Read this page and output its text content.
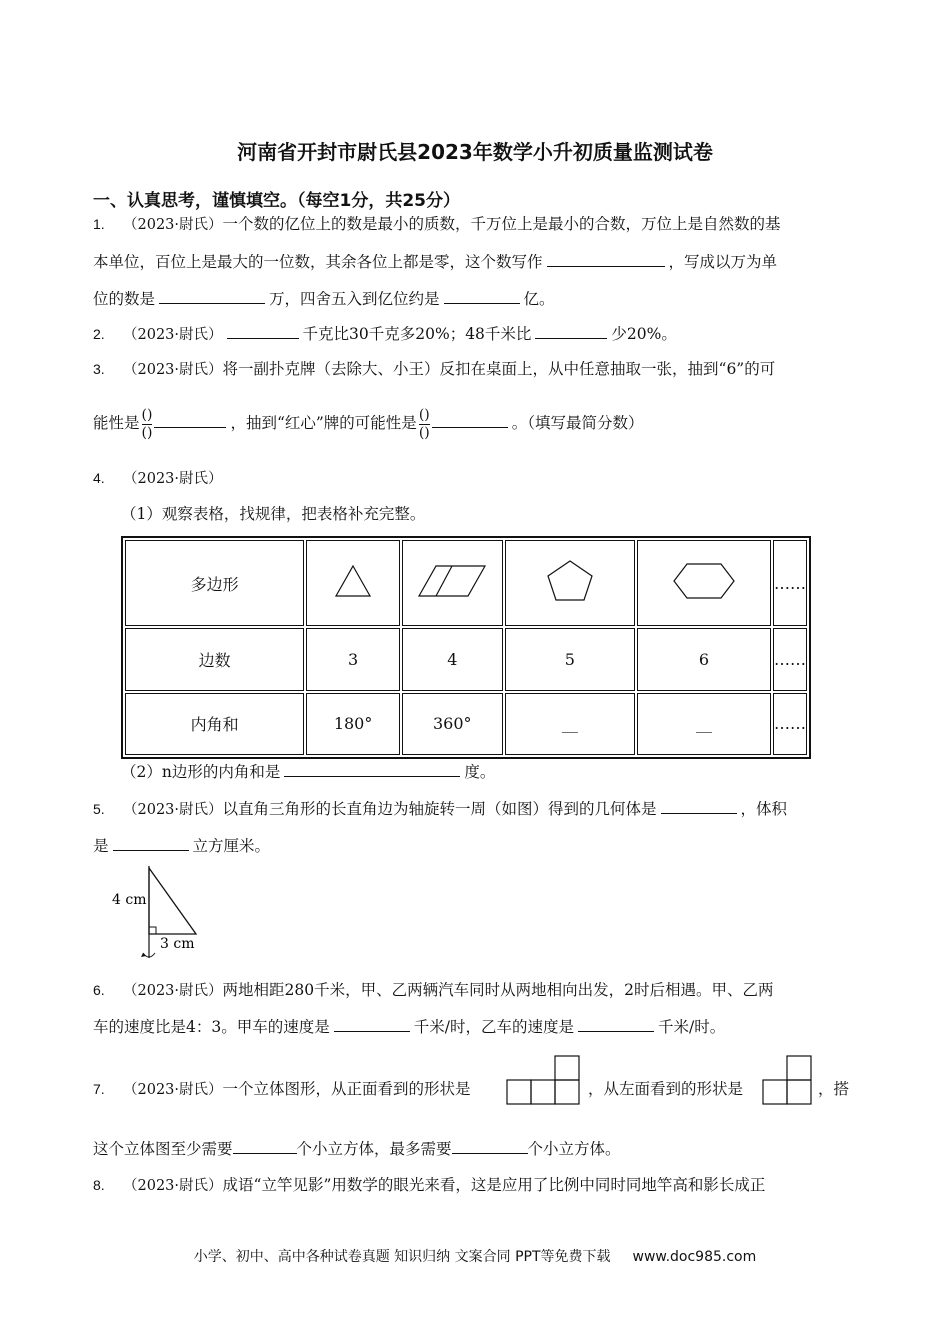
河南省开封市尉氏县2023年数学小升初质量监测试卷
一、认真思考，谨慎填空。（每空1分，共25分）
1. （2023·尉氏）一个数的亿位上的数是最小的质数，千万位上是最小的合数，万位上是自然数的基
本单位，百位上是最大的一位数，其余各位上都是零，这个数写作	，写成以万为单
位的数是	万，四舍五入到亿位约是	亿。
2. （2023·尉氏）	千克比30千克多20%；48千米比	少20%。
3. （2023·尉氏）将一副扑克牌（去除大、小王）反扣在桌面上，从中任意抽取一张，抽到“6”的可
能性是 $\frac{()}{()}$	，抽到“红心”牌的可能性是 $\frac{()}{()}$	。（填写最简分数）
4. （2023·尉氏）
（1）观察表格，找规律，把表格补充完整。
多边形					……
边数	3	4	5	6	……
内角和	180°	360°	__	__	……
（2）n边形的内角和是	度。
5. （2023·尉氏）以直角三角形的长直角边为轴旋转一周（如图）得到的几何体是	，体积
是	立方厘米。
4 cm
3 cm
6. （2023·尉氏）两地相距280千米，甲、乙两辆汽车同时从两地相向出发，2时后相遇。甲、乙两
车的速度比是4：3。甲车的速度是	千米/时，乙车的速度是	千米/时。
7. （2023·尉氏）一个立体图形，从正面看到的形状是	，从左面看到的形状是	，搭
这个立体图至少需要	个小立方体，最多需要	个小立方体。
8. （2023·尉氏）成语“立竿见影”用数学的眼光来看，这是应用了比例中同时同地竿高和影长成正
小学、初中、高中各种试卷真题 知识归纳 文案合同 PPT等免费下载 www.doc985.com
